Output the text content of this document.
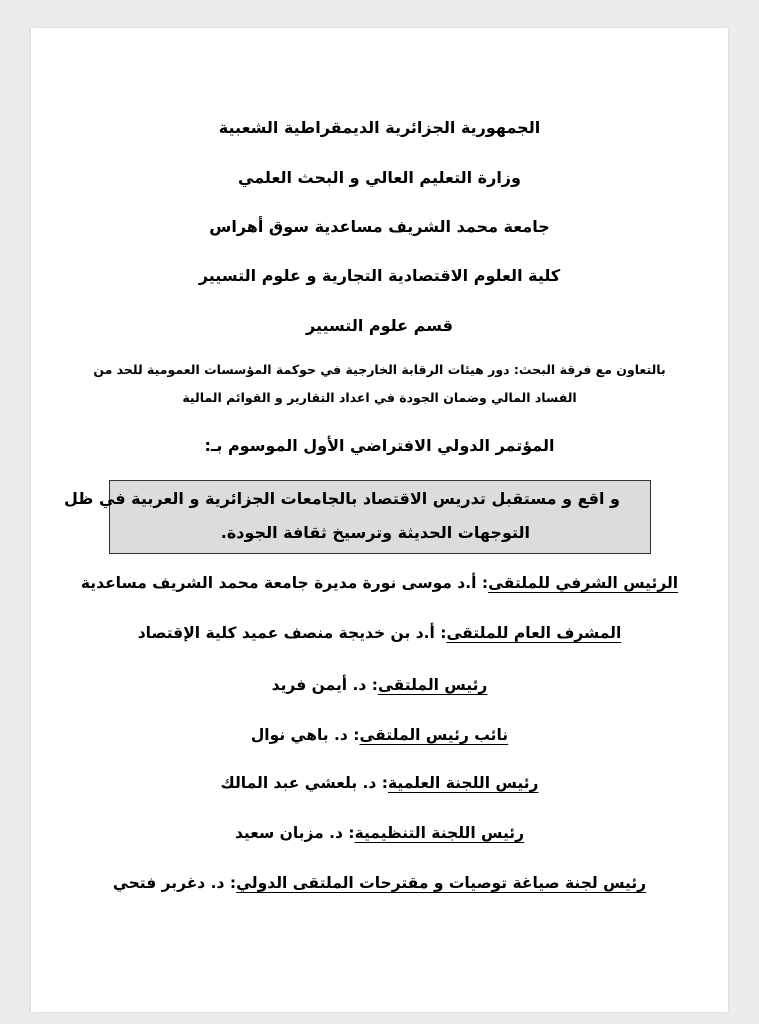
الجمهورية الجزائرية الديمقراطية الشعبية
وزارة التعليم العالي و البحث العلمي
جامعة محمد الشريف مساعدية سوق أهراس
كلية العلوم الاقتصادية التجارية و علوم التسيير
قسم علوم التسيير
بالتعاون مع فرقة البحث: دور هيئات الرقابة الخارجية في حوكمة المؤسسات العمومية للحد من
الفساد المالي وضمان الجودة في اعداد التقارير و القوائم المالية
المؤتمر الدولي الافتراضي الأول الموسوم بـ:
و اقع و مستقبل تدريس الاقتصاد بالجامعات الجزائرية و العربية في ظل
التوجهات الحديثة وترسيخ ثقافة الجودة.
الرئيس الشرفي للملتقى: أ.د موسى نورة مديرة جامعة محمد الشريف مساعدية
المشرف العام للملتقى: أ.د بن خديجة منصف عميد كلية الإقتصاد
رئيس الملتقى: د. أيمن فريد
نائب رئيس الملتقى: د. باهي نوال
رئيس اللجنة العلمية: د. بلعشي عبد المالك
رئيس اللجنة التنظيمية: د. مزبان سعيد
رئيس لجنة صياغة توصيات و مقترحات الملتقى الدولي: د. دغربر فتحي
